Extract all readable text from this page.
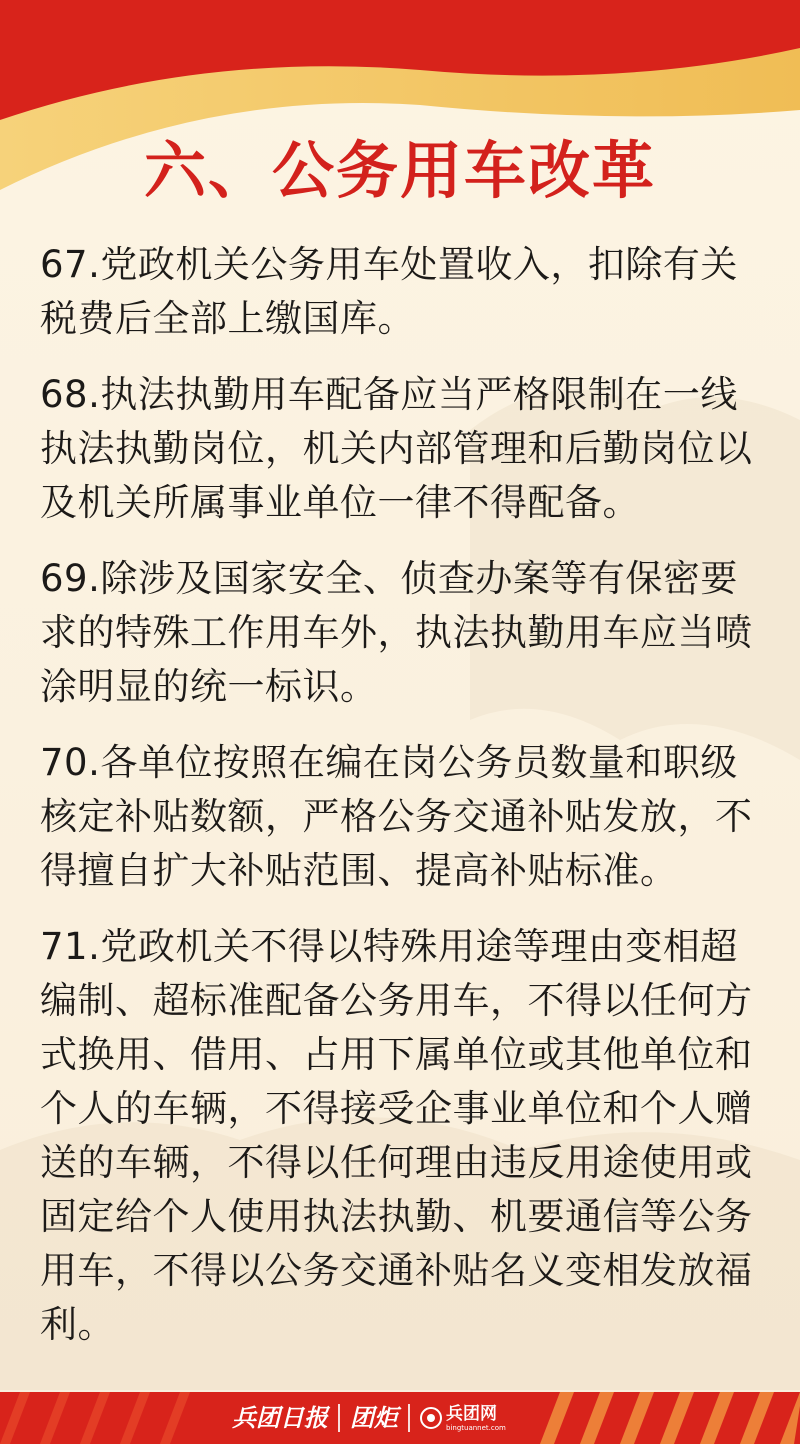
六、公务用车改革

67.党政机关公务用车处置收入，扣除有关税费后全部上缴国库。

68.执法执勤用车配备应当严格限制在一线执法执勤岗位，机关内部管理和后勤岗位以及机关所属事业单位一律不得配备。

69.除涉及国家安全、侦查办案等有保密要求的特殊工作用车外，执法执勤用车应当喷涂明显的统一标识。

70.各单位按照在编在岗公务员数量和职级核定补贴数额，严格公务交通补贴发放，不得擅自扩大补贴范围、提高补贴标准。

71.党政机关不得以特殊用途等理由变相超编制、超标准配备公务用车，不得以任何方式换用、借用、占用下属单位或其他单位和个人的车辆，不得接受企事业单位和个人赠送的车辆，不得以任何理由违反用途使用或固定给个人使用执法执勤、机要通信等公务用车，不得以公务交通补贴名义变相发放福利。

兵团日报 团炬	兵团网
bingtuannet.com
